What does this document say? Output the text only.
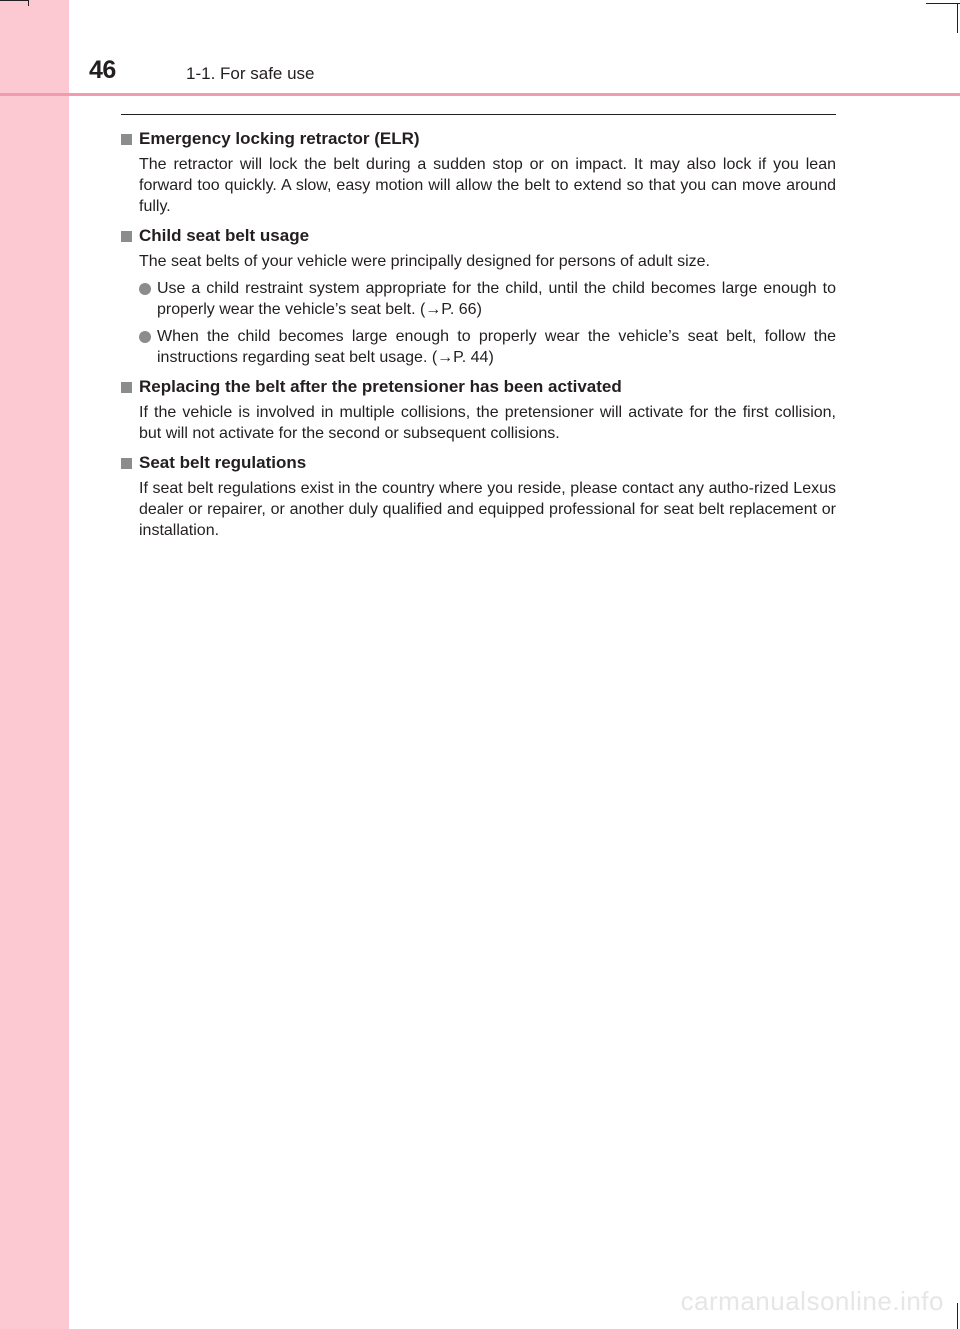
46	1-1. For safe use
Emergency locking retractor (ELR)
The retractor will lock the belt during a sudden stop or on impact. It may also lock if you lean forward too quickly. A slow, easy motion will allow the belt to extend so that you can move around fully.
Child seat belt usage
The seat belts of your vehicle were principally designed for persons of adult size.
Use a child restraint system appropriate for the child, until the child becomes large enough to properly wear the vehicle’s seat belt. (→P. 66)
When the child becomes large enough to properly wear the vehicle’s seat belt, follow the instructions regarding seat belt usage. (→P. 44)
Replacing the belt after the pretensioner has been activated
If the vehicle is involved in multiple collisions, the pretensioner will activate for the first collision, but will not activate for the second or subsequent collisions.
Seat belt regulations
If seat belt regulations exist in the country where you reside, please contact any autho-rized Lexus dealer or repairer, or another duly qualified and equipped professional for seat belt replacement or installation.
carmanualsonline.info
